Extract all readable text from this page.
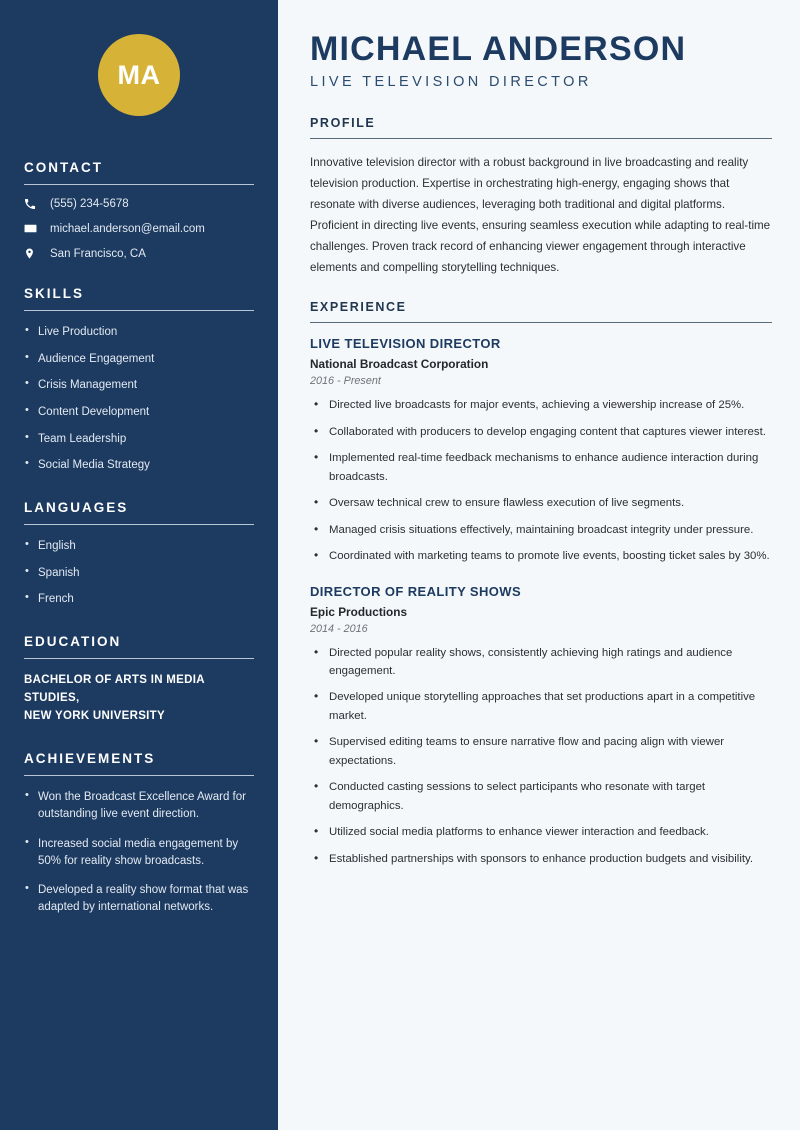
MA
CONTACT
(555) 234-5678
michael.anderson@email.com
San Francisco, CA
SKILLS
• Live Production
• Audience Engagement
• Crisis Management
• Content Development
• Team Leadership
• Social Media Strategy
LANGUAGES
• English
• Spanish
• French
EDUCATION
BACHELOR OF ARTS IN MEDIA STUDIES,
NEW YORK UNIVERSITY
ACHIEVEMENTS
• Won the Broadcast Excellence Award for outstanding live event direction.
• Increased social media engagement by 50% for reality show broadcasts.
• Developed a reality show format that was adapted by international networks.
MICHAEL ANDERSON
LIVE TELEVISION DIRECTOR
PROFILE

Innovative television director with a robust background in live broadcasting and reality television production. Expertise in orchestrating high-energy, engaging shows that resonate with diverse audiences, leveraging both traditional and digital platforms. Proficient in directing live events, ensuring seamless execution while adapting to real-time challenges. Proven track record of enhancing viewer engagement through interactive elements and compelling storytelling techniques.

EXPERIENCE
LIVE TELEVISION DIRECTOR
National Broadcast Corporation
2016 - Present
• Directed live broadcasts for major events, achieving a viewership increase of 25%.
• Collaborated with producers to develop engaging content that captures viewer interest.
• Implemented real-time feedback mechanisms to enhance audience interaction during broadcasts.
• Oversaw technical crew to ensure flawless execution of live segments.
• Managed crisis situations effectively, maintaining broadcast integrity under pressure.
• Coordinated with marketing teams to promote live events, boosting ticket sales by 30%.
DIRECTOR OF REALITY SHOWS
Epic Productions
2014 - 2016
• Directed popular reality shows, consistently achieving high ratings and audience engagement.
• Developed unique storytelling approaches that set productions apart in a competitive market.
• Supervised editing teams to ensure narrative flow and pacing align with viewer expectations.
• Conducted casting sessions to select participants who resonate with target demographics.
• Utilized social media platforms to enhance viewer interaction and feedback.
• Established partnerships with sponsors to enhance production budgets and visibility.
